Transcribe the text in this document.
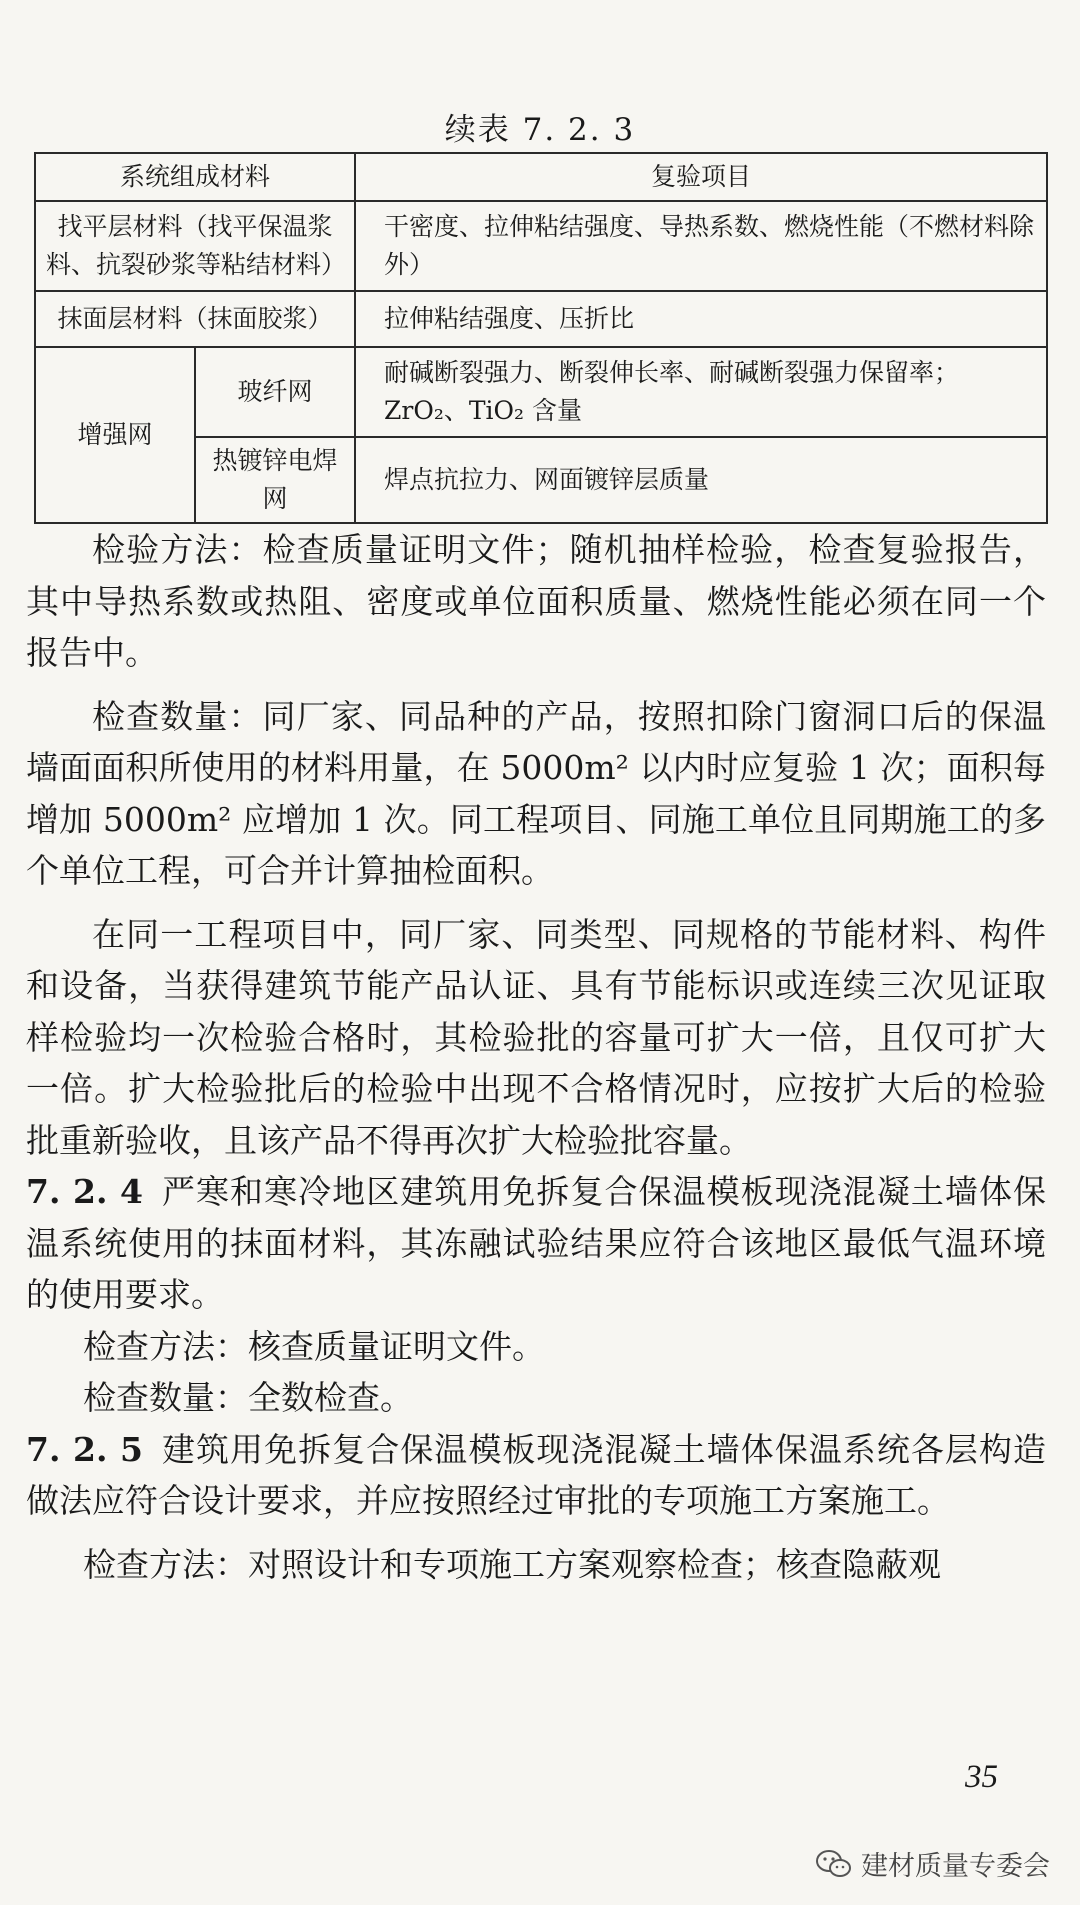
续表 7. 2. 3
系统组成材料		复验项目
找平层材料（找平保温浆料、抗裂砂浆等粘结材料）		干密度、拉伸粘结强度、导热系数、燃烧性能（不燃材料除外）
抹面层材料（抹面胶浆）		拉伸粘结强度、压折比
增强网	玻纤网	耐碱断裂强力、断裂伸长率、耐碱断裂强力保留率；ZrO₂、TiO₂ 含量
	热镀锌电焊网	焊点抗拉力、网面镀锌层质量

检验方法：检查质量证明文件；随机抽样检验，检查复验报告，其中导热系数或热阻、密度或单位面积质量、燃烧性能必须在同一个报告中。

检查数量：同厂家、同品种的产品，按照扣除门窗洞口后的保温墙面面积所使用的材料用量，在 5000m² 以内时应复验 1 次；面积每增加 5000m² 应增加 1 次。同工程项目、同施工单位且同期施工的多个单位工程，可合并计算抽检面积。

在同一工程项目中，同厂家、同类型、同规格的节能材料、构件和设备，当获得建筑节能产品认证、具有节能标识或连续三次见证取样检验均一次检验合格时，其检验批的容量可扩大一倍，且仅可扩大一倍。扩大检验批后的检验中出现不合格情况时，应按扩大后的检验批重新验收，且该产品不得再次扩大检验批容量。

7. 2. 4 严寒和寒冷地区建筑用免拆复合保温模板现浇混凝土墙体保温系统使用的抹面材料，其冻融试验结果应符合该地区最低气温环境的使用要求。

检查方法：核查质量证明文件。

检查数量：全数检查。

7. 2. 5 建筑用免拆复合保温模板现浇混凝土墙体保温系统各层构造做法应符合设计要求，并应按照经过审批的专项施工方案施工。

检查方法：对照设计和专项施工方案观察检查；核查隐蔽观

35
建材质量专委会
